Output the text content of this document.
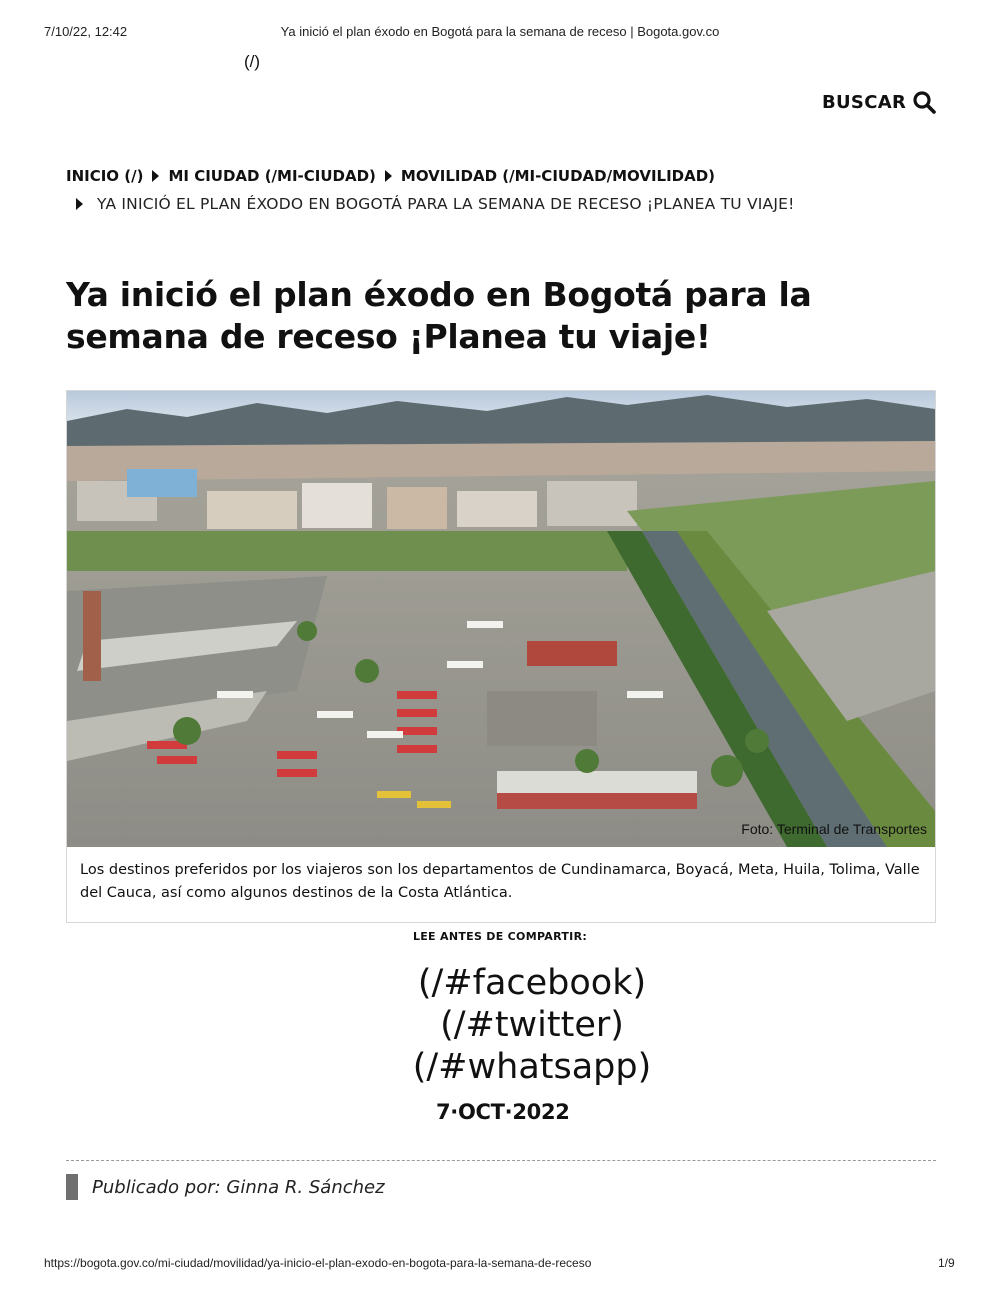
7/10/22, 12:42	Ya inició el plan éxodo en Bogotá para la semana de receso | Bogota.gov.co
(/)
BUSCAR
INICIO (/) MI CIUDAD (/MI-CIUDAD) MOVILIDAD (/MI-CIUDAD/MOVILIDAD)
YA INICIÓ EL PLAN ÉXODO EN BOGOTÁ PARA LA SEMANA DE RECESO ¡PLANEA TU VIAJE!
Ya inició el plan éxodo en Bogotá para la semana de receso ¡Planea tu viaje!
Foto: Terminal de Transportes
Los destinos preferidos por los viajeros son los departamentos de Cundinamarca, Boyacá, Meta, Huila, Tolima, Valle del Cauca, así como algunos destinos de la Costa Atlántica.
LEE ANTES DE COMPARTIR:
(/#facebook)
(/#twitter)
(/#whatsapp)
7·OCT·2022
Publicado por: Ginna R. Sánchez
https://bogota.gov.co/mi-ciudad/movilidad/ya-inicio-el-plan-exodo-en-bogota-para-la-semana-de-receso	1/9
